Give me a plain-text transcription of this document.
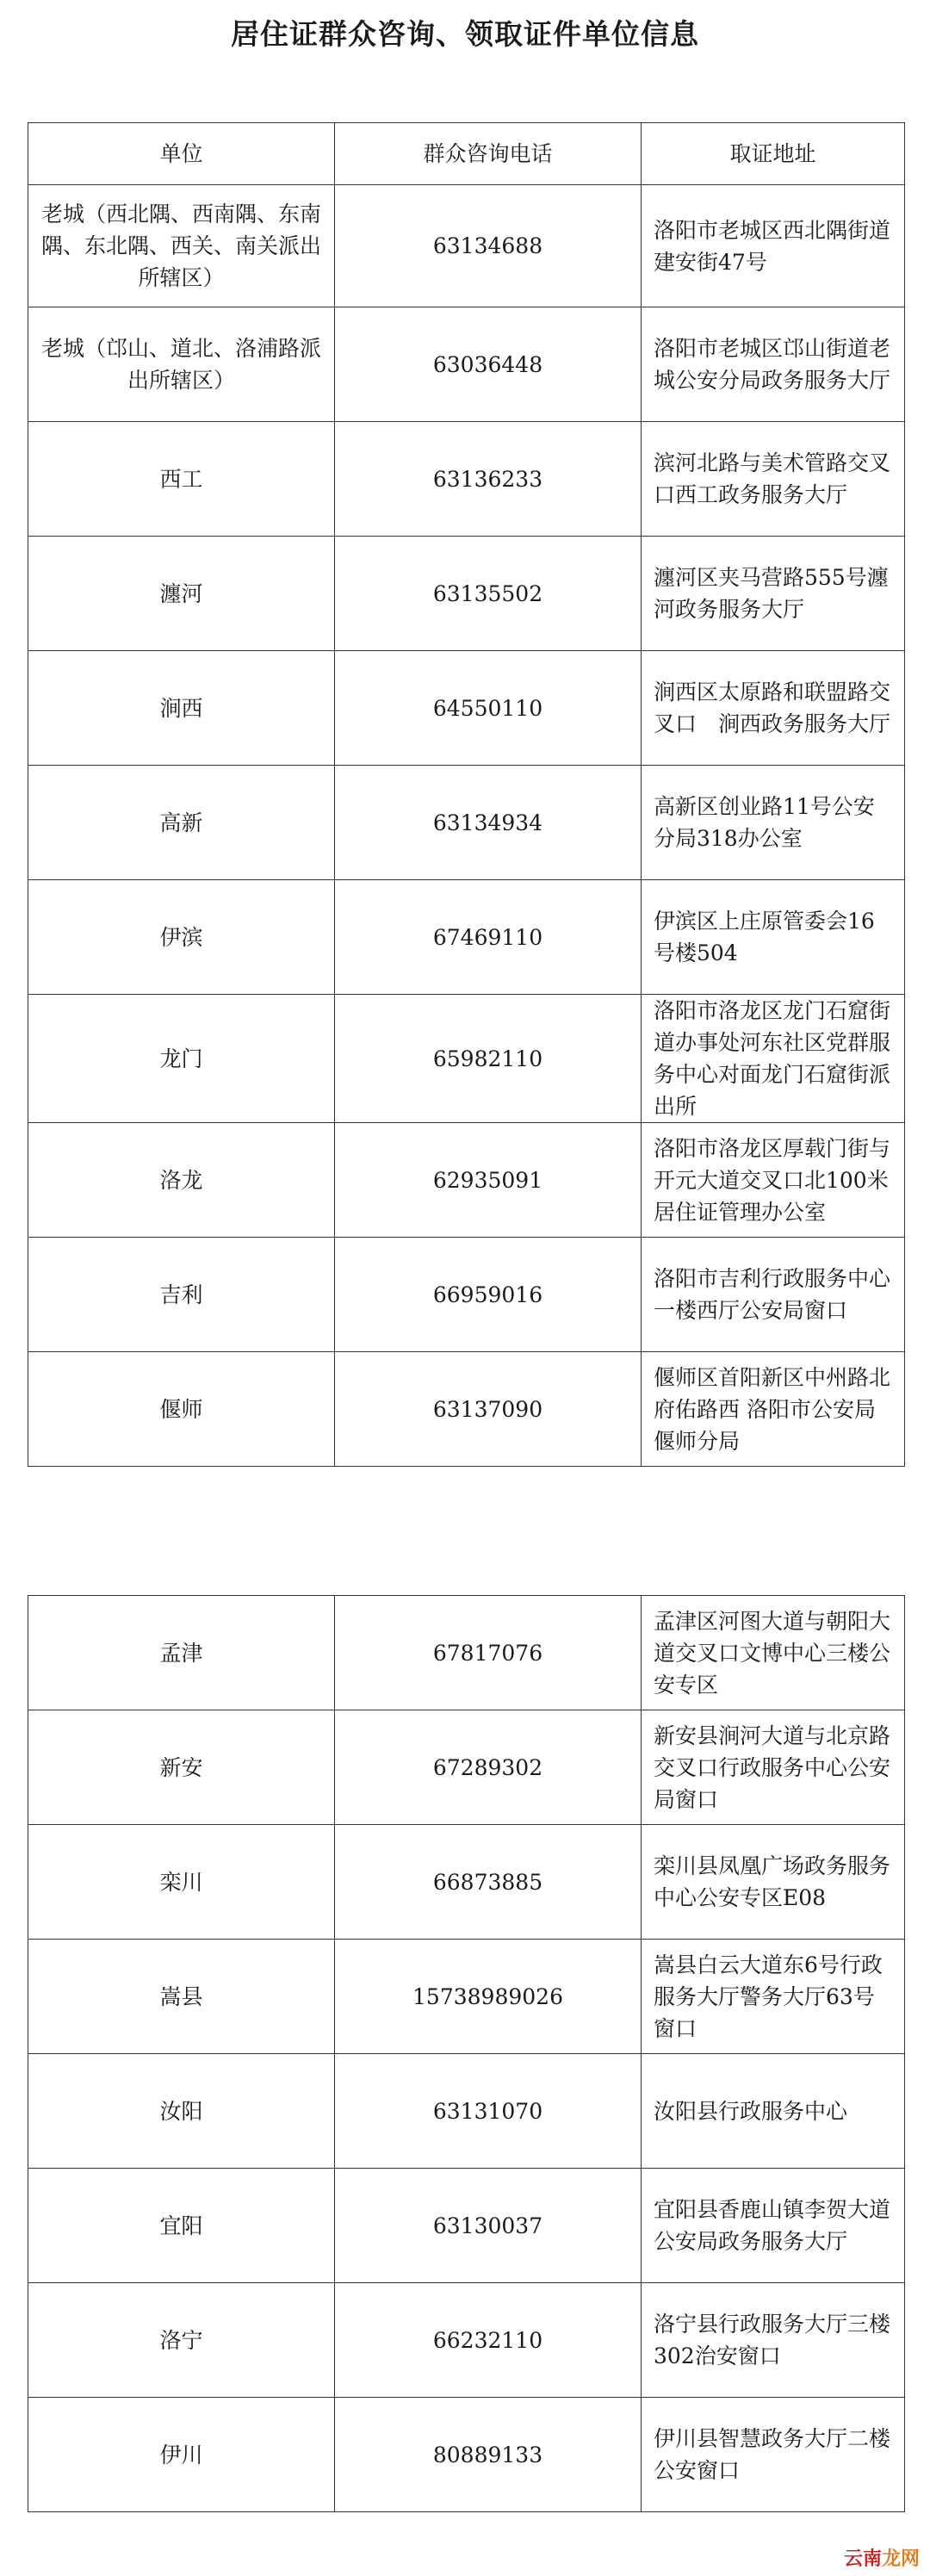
居住证群众咨询、领取证件单位信息
单位	群众咨询电话	取证地址
老城（西北隅、西南隅、东南隅、东北隅、西关、南关派出所辖区）	63134688	洛阳市老城区西北隅街道建安街47号
老城（邙山、道北、洛浦路派出所辖区）	63036448	洛阳市老城区邙山街道老城公安分局政务服务大厅
西工	63136233	滨河北路与美术管路交叉口西工政务服务大厅
瀍河	63135502	瀍河区夹马营路555号瀍河政务服务大厅
涧西	64550110	涧西区太原路和联盟路交叉口　涧西政务服务大厅
高新	63134934	高新区创业路11号公安分局318办公室
伊滨	67469110	伊滨区上庄原管委会16号楼504
龙门	65982110	洛阳市洛龙区龙门石窟街道办事处河东社区党群服务中心对面龙门石窟街派出所
洛龙	62935091	洛阳市洛龙区厚载门街与开元大道交叉口北100米居住证管理办公室
吉利	66959016	洛阳市吉利行政服务中心一楼西厅公安局窗口
偃师	63137090	偃师区首阳新区中州路北府佑路西 洛阳市公安局偃师分局
孟津	67817076	孟津区河图大道与朝阳大道交叉口文博中心三楼公安专区
新安	67289302	新安县涧河大道与北京路交叉口行政服务中心公安局窗口
栾川	66873885	栾川县凤凰广场政务服务中心公安专区E08
嵩县	15738989026	嵩县白云大道东6号行政服务大厅警务大厅63号窗口
汝阳	63131070	汝阳县行政服务中心
宜阳	63130037	宜阳县香鹿山镇李贺大道公安局政务服务大厅
洛宁	66232110	洛宁县行政服务大厅三楼302治安窗口
伊川	80889133	伊川县智慧政务大厅二楼公安窗口
云南龙网
